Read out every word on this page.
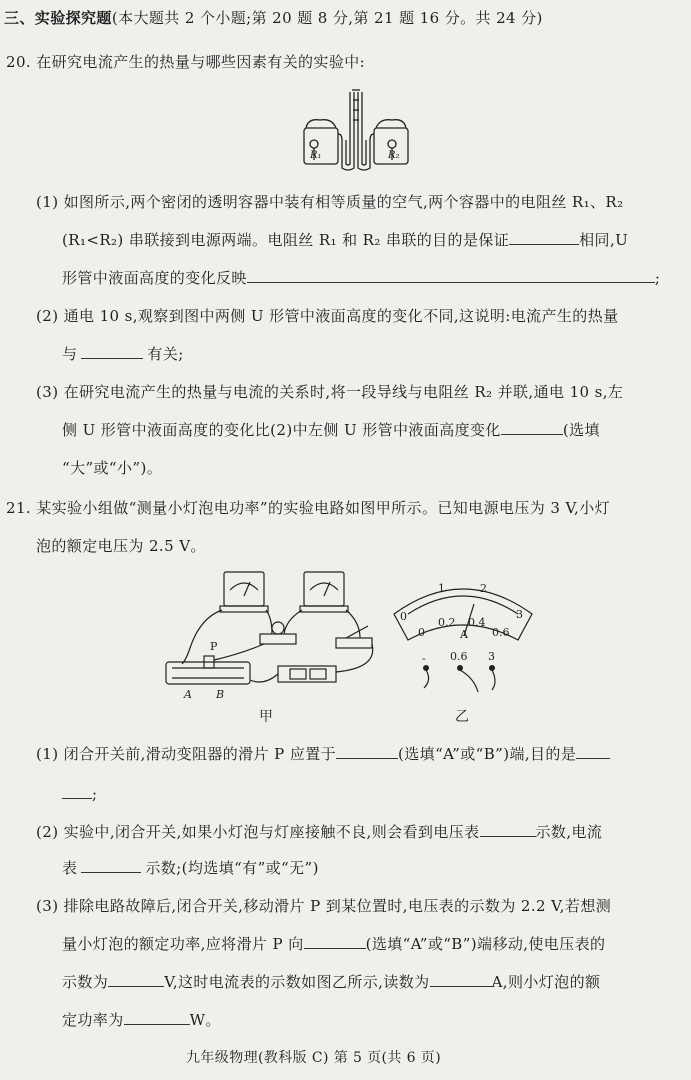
三、实验探究题(本大题共 2 个小题;第 20 题 8 分,第 21 题 16 分。共 24 分)
20. 在研究电流产生的热量与哪些因素有关的实验中:
R₁	R₂
(1) 如图所示,两个密闭的透明容器中装有相等质量的空气,两个容器中的电阻丝 R₁、R₂
(R₁<R₂) 串联接到电源两端。电阻丝 R₁ 和 R₂ 串联的目的是保证	相同,U
形管中液面高度的变化反映	;
(2) 通电 10 s,观察到图中两侧 U 形管中液面高度的变化不同,这说明:电流产生的热量
与	有关;
(3) 在研究电流产生的热量与电流的关系时,将一段导线与电阻丝 R₂ 并联,通电 10 s,左
侧 U 形管中液面高度的变化比(2)中左侧 U 形管中液面高度变化	(选填
“大”或“小”)。
21. 某实验小组做“测量小灯泡电功率”的实验电路如图甲所示。已知电源电压为 3 V,小灯
泡的额定电压为 2.5 V。
P
A B
甲
0
1	2
3
0
0.2 0.4
0.6
A
- 0.6 3
乙
(1) 闭合开关前,滑动变阻器的滑片 P 应置于	(选填“A”或“B”)端,目的是
;
(2) 实验中,闭合开关,如果小灯泡与灯座接触不良,则会看到电压表	示数,电流
表	示数;(均选填“有”或“无”)
(3) 排除电路故障后,闭合开关,移动滑片 P 到某位置时,电压表的示数为 2.2 V,若想测
量小灯泡的额定功率,应将滑片 P 向	(选填“A”或“B”)端移动,使电压表的
示数为	V,这时电流表的示数如图乙所示,读数为	A,则小灯泡的额
定功率为	W。
九年级物理(教科版 C) 第 5 页(共 6 页)
